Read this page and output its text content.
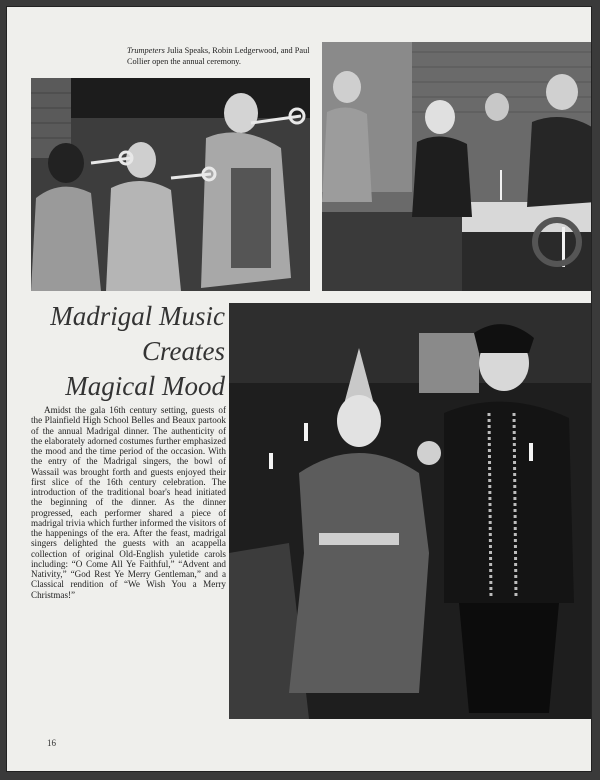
Trumpeters Julia Speaks, Robin Ledgerwood, and Paul Collier open the annual ceremony.
Madrigal Music
Creates
Magical Mood
Amidst the gala 16th century setting, guests of the Plainfield High School Belles and Beaux partook of the annual Madrigal dinner. The authenticity of the elaborately adorned costumes further emphasized the mood and the time period of the occasion. With the entry of the Madrigal singers, the bowl of Wassail was brought forth and guests enjoyed their first slice of the 16th century celebration. The introduction of the traditional boar's head initiated the beginning of the dinner. As the dinner progressed, each performer shared a piece of madrigal trivia which further informed the visitors of the happenings of the era. After the feast, madrigal singers delighted the guests with an acappella collection of original Old-English yuletide carols including: “O Come All Ye Faithful,” “Advent and Nativity,” “God Rest Ye Merry Gentleman,” and a Classical rendition of “We Wish You a Merry Christmas!”
16
